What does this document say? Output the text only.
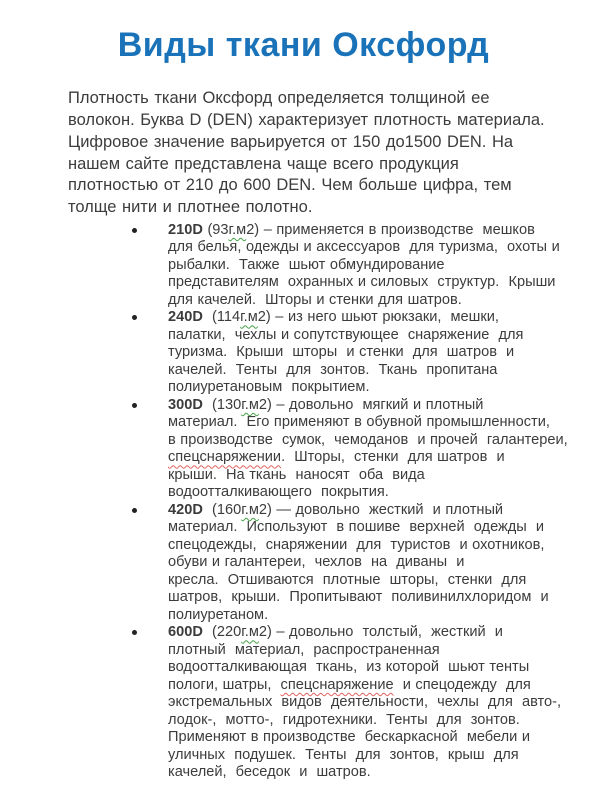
Виды ткани Оксфорд

Плотность ткани Оксфорд определяется толщиной ее
волокон. Буква D (DEN) характеризует плотность материала.
Цифровое значение варьируется от 150 до1500 DEN. На
нашем сайте представлена чаще всего продукция
плотностью от 210 до 600 DEN. Чем больше цифра, тем
толще нити и плотнее полотно.

210D (93г.м2) – применяется в производстве  мешков
для белья, одежды и аксессуаров  для туризма,  охоты и
рыбалки.  Также  шьют обмундирование
представителям  охранных и силовых  структур.  Крыши
для качелей.  Шторы и стенки для шатров.
240D  (114г.м2) – из него шьют рюкзаки,  мешки,
палатки,  чехлы и сопутствующее  снаряжение  для
туризма.  Крыши  шторы  и стенки  для  шатров  и
качелей.  Тенты  для  зонтов.  Ткань  пропитана
полиуретановым  покрытием.
300D  (130г.м2) – довольно  мягкий и плотный
материал.  Его применяют в обувной промышленности,
в производстве  сумок,  чемоданов  и прочей  галантереи,
спецснаряжении.  Шторы,  стенки  для шатров  и
крыши.  На ткань  наносят  оба  вида
водоотталкивающего  покрытия.
420D  (160г.м2) — довольно  жесткий  и плотный
материал.  Используют  в пошиве  верхней  одежды  и
спецодежды,  снаряжении  для  туристов  и охотников,
обуви и галантереи,  чехлов  на  диваны  и
кресла.  Отшиваются  плотные  шторы,  стенки  для
шатров,  крыши.  Пропитывают  поливинилхлоридом  и
полиуретаном.
600D  (220г.м2) – довольно  толстый,  жесткий  и
плотный  материал,  распространенная
водоотталкивающая  ткань,  из которой  шьют тенты
пологи, шатры,  спецснаряжение  и спецодежду  для
экстремальных  видов  деятельности,  чехлы  для  авто-,
лодок-,  мотто-,  гидротехники.  Тенты  для  зонтов.
Применяют в производстве  бескаркасной  мебели и
уличных  подушек.  Тенты  для  зонтов,  крыш  для
качелей,  беседок  и  шатров.
